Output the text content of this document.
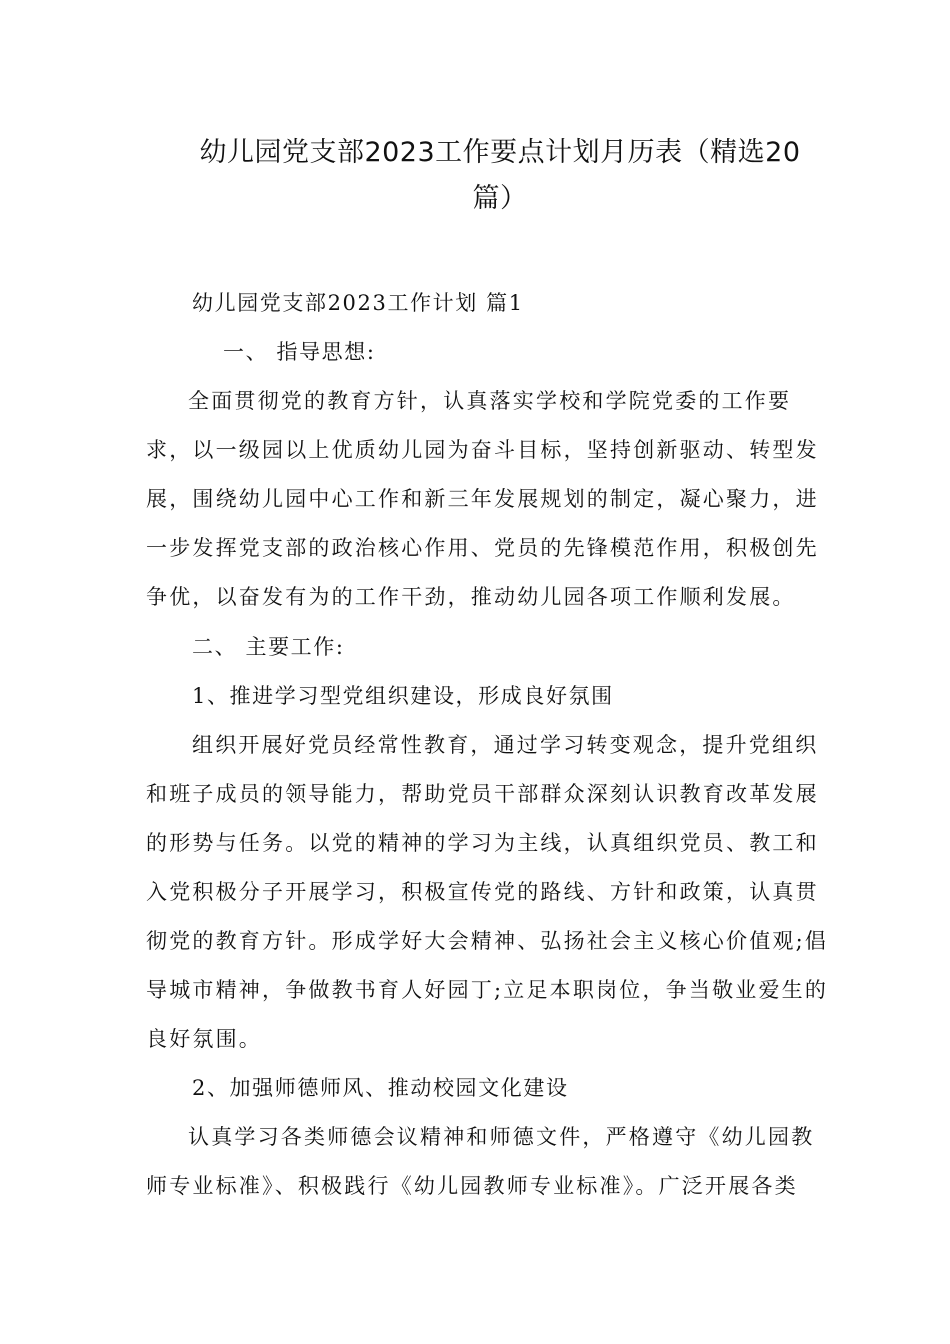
幼儿园党支部2023工作要点计划月历表（精选20
篇）
幼儿园党支部2023工作计划 篇1
一、 指导思想:
全面贯彻党的教育方针，认真落实学校和学院党委的工作要
求，以一级园以上优质幼儿园为奋斗目标，坚持创新驱动、转型发
展，围绕幼儿园中心工作和新三年发展规划的制定，凝心聚力，进
一步发挥党支部的政治核心作用、党员的先锋模范作用，积极创先
争优，以奋发有为的工作干劲，推动幼儿园各项工作顺利发展。
二、 主要工作:
1、推进学习型党组织建设，形成良好氛围
组织开展好党员经常性教育，通过学习转变观念，提升党组织
和班子成员的领导能力，帮助党员干部群众深刻认识教育改革发展
的形势与任务。以党的精神的学习为主线，认真组织党员、教工和
入党积极分子开展学习，积极宣传党的路线、方针和政策，认真贯
彻党的教育方针。形成学好大会精神、弘扬社会主义核心价值观;倡
导城市精神，争做教书育人好园丁;立足本职岗位，争当敬业爱生的
良好氛围。
2、加强师德师风、推动校园文化建设
认真学习各类师德会议精神和师德文件，严格遵守《幼儿园教
师专业标准》、积极践行《幼儿园教师专业标准》。广泛开展各类
